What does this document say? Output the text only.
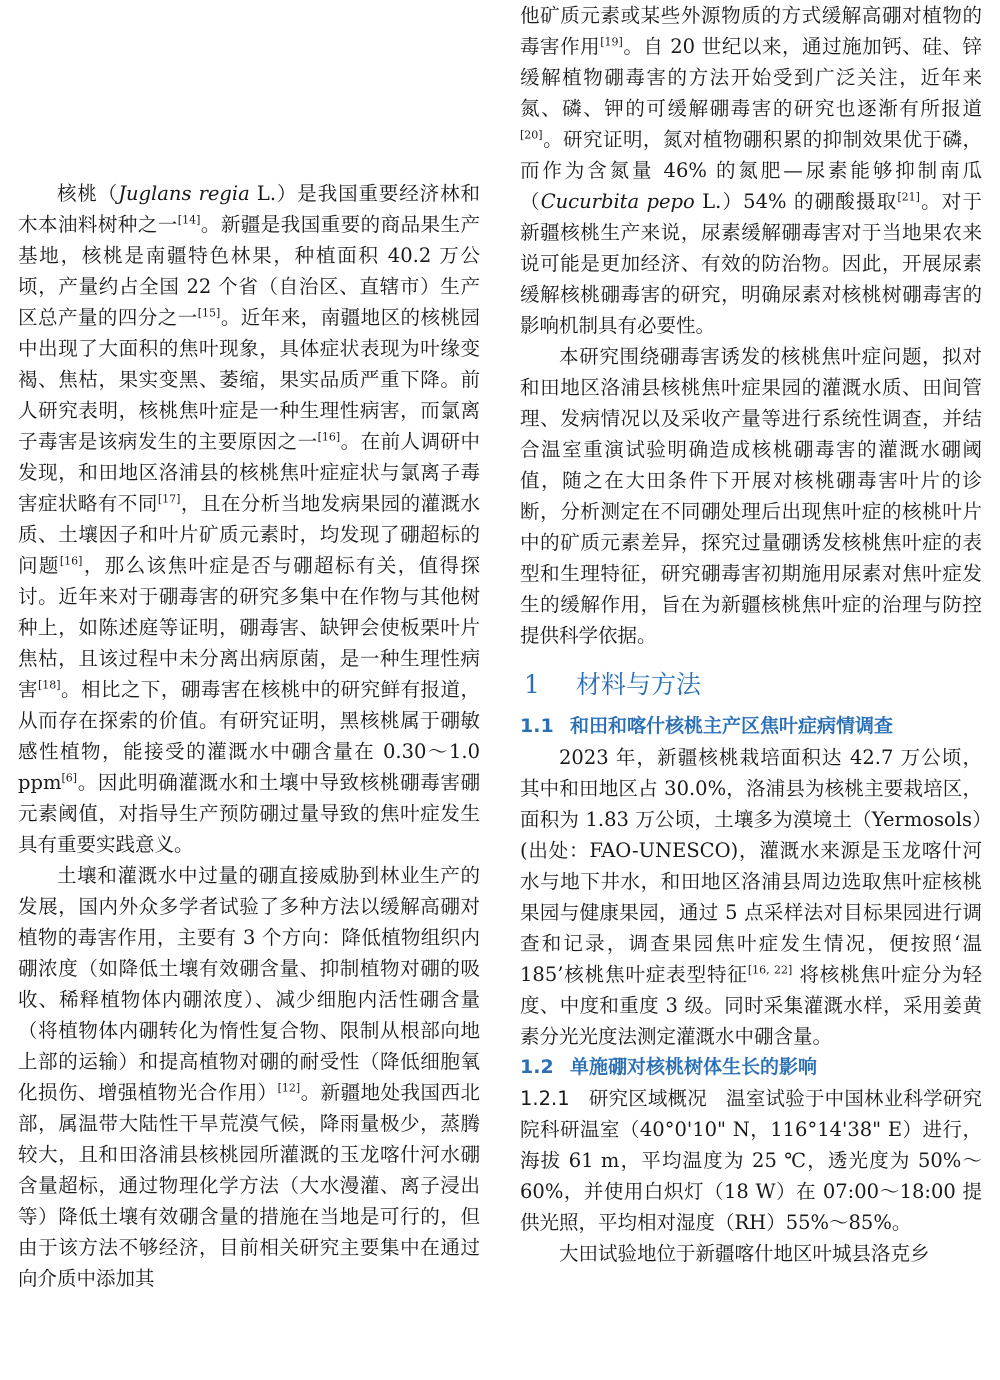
核桃（Juglans regia L.）是我国重要经济林和木本油料树种之一[14]。新疆是我国重要的商品果生产基地，核桃是南疆特色林果，种植面积 40.2 万公顷，产量约占全国 22 个省（自治区、直辖市）生产区总产量的四分之一[15]。近年来，南疆地区的核桃园中出现了大面积的焦叶现象，具体症状表现为叶缘变褐、焦枯，果实变黑、萎缩，果实品质严重下降。前人研究表明，核桃焦叶症是一种生理性病害，而氯离子毒害是该病发生的主要原因之一[16]。在前人调研中发现，和田地区洛浦县的核桃焦叶症症状与氯离子毒害症状略有不同[17]，且在分析当地发病果园的灌溉水质、土壤因子和叶片矿质元素时，均发现了硼超标的问题[16]，那么该焦叶症是否与硼超标有关，值得探讨。近年来对于硼毒害的研究多集中在作物与其他树种上，如陈述庭等证明，硼毒害、缺钾会使板栗叶片焦枯，且该过程中未分离出病原菌，是一种生理性病害[18]。相比之下，硼毒害在核桃中的研究鲜有报道，从而存在探索的价值。有研究证明，黑核桃属于硼敏感性植物，能接受的灌溉水中硼含量在 0.30～1.0 ppm[6]。因此明确灌溉水和土壤中导致核桃硼毒害硼元素阈值，对指导生产预防硼过量导致的焦叶症发生具有重要实践意义。

土壤和灌溉水中过量的硼直接威胁到林业生产的发展，国内外众多学者试验了多种方法以缓解高硼对植物的毒害作用，主要有 3 个方向：降低植物组织内硼浓度（如降低土壤有效硼含量、抑制植物对硼的吸收、稀释植物体内硼浓度）、减少细胞内活性硼含量（将植物体内硼转化为惰性复合物、限制从根部向地上部的运输）和提高植物对硼的耐受性（降低细胞氧化损伤、增强植物光合作用）[12]。新疆地处我国西北部，属温带大陆性干旱荒漠气候，降雨量极少，蒸腾较大，且和田洛浦县核桃园所灌溉的玉龙喀什河水硼含量超标，通过物理化学方法（大水漫灌、离子浸出等）降低土壤有效硼含量的措施在当地是可行的，但由于该方法不够经济，目前相关研究主要集中在通过向介质中添加其

他矿质元素或某些外源物质的方式缓解高硼对植物的毒害作用[19]。自 20 世纪以来，通过施加钙、硅、锌缓解植物硼毒害的方法开始受到广泛关注，近年来氮、磷、钾的可缓解硼毒害的研究也逐渐有所报道[20]。研究证明，氮对植物硼积累的抑制效果优于磷，而作为含氮量 46% 的氮肥—尿素能够抑制南瓜（Cucurbita pepo L.）54% 的硼酸摄取[21]。对于新疆核桃生产来说，尿素缓解硼毒害对于当地果农来说可能是更加经济、有效的防治物。因此，开展尿素缓解核桃硼毒害的研究，明确尿素对核桃树硼毒害的影响机制具有必要性。

本研究围绕硼毒害诱发的核桃焦叶症问题，拟对和田地区洛浦县核桃焦叶症果园的灌溉水质、田间管理、发病情况以及采收产量等进行系统性调查，并结合温室重演试验明确造成核桃硼毒害的灌溉水硼阈值，随之在大田条件下开展对核桃硼毒害叶片的诊断，分析测定在不同硼处理后出现焦叶症的核桃叶片中的矿质元素差异，探究过量硼诱发核桃焦叶症的表型和生理特征，研究硼毒害初期施用尿素对焦叶症发生的缓解作用，旨在为新疆核桃焦叶症的治理与防控提供科学依据。

1 材料与方法
1.1 和田和喀什核桃主产区焦叶症病情调查

2023 年，新疆核桃栽培面积达 42.7 万公顷，其中和田地区占 30.0%，洛浦县为核桃主要栽培区，面积为 1.83 万公顷，土壤多为漠境土（Yermosols）(出处：FAO-UNESCO)，灌溉水来源是玉龙喀什河水与地下井水，和田地区洛浦县周边选取焦叶症核桃果园与健康果园，通过 5 点采样法对目标果园进行调查和记录，调查果园焦叶症发生情况，便按照‘温 185’核桃焦叶症表型特征[16, 22] 将核桃焦叶症分为轻度、中度和重度 3 级。同时采集灌溉水样，采用姜黄素分光光度法测定灌溉水中硼含量。

1.2 单施硼对核桃树体生长的影响

1.2.1 研究区域概况 温室试验于中国林业科学研究院科研温室（40°0'10" N，116°14'38" E）进行，海拔 61 m，平均温度为 25 ℃，透光度为 50%～60%，并使用白炽灯（18 W）在 07:00～18:00 提供光照，平均相对湿度（RH）55%～85%。

大田试验地位于新疆喀什地区叶城县洛克乡
